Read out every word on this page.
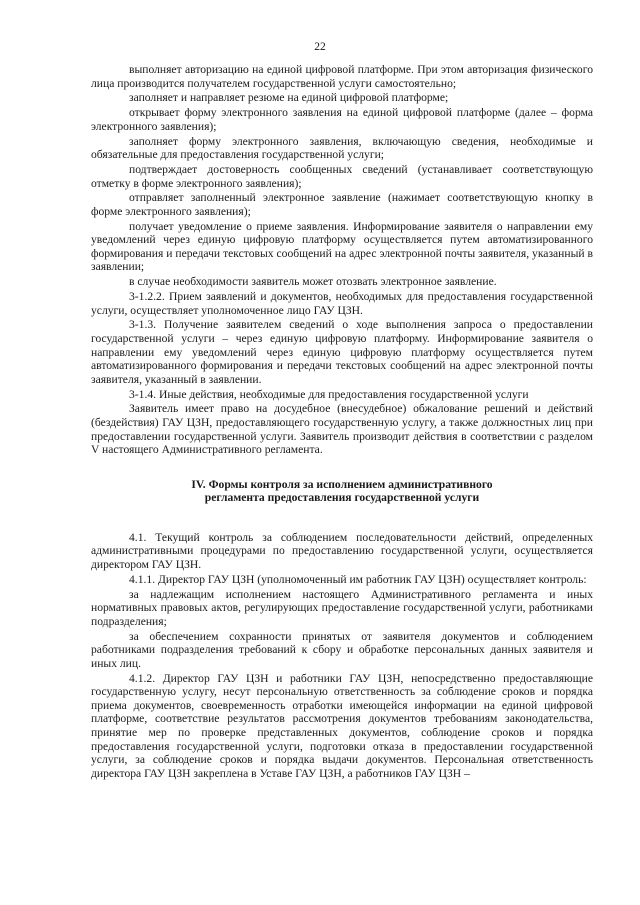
22

выполняет авторизацию на единой цифровой платформе. При этом авторизация физического лица производится получателем государственной услуги самостоятельно;

заполняет и направляет резюме на единой цифровой платформе;

открывает форму электронного заявления на единой цифровой платформе (далее – форма электронного заявления);

заполняет форму электронного заявления, включающую сведения, необходимые и обязательные для предоставления государственной услуги;

подтверждает достоверность сообщенных сведений (устанавливает соответствующую отметку в форме электронного заявления);

отправляет заполненный электронное заявление (нажимает соответствующую кнопку в форме электронного заявления);

получает уведомление о приеме заявления. Информирование заявителя о направлении ему уведомлений через единую цифровую платформу осуществляется путем автоматизированного формирования и передачи текстовых сообщений на адрес электронной почты заявителя, указанный в заявлении;

в случае необходимости заявитель может отозвать электронное заявление.

3-1.2.2. Прием заявлений и документов, необходимых для предоставления государственной услуги, осуществляет уполномоченное лицо ГАУ ЦЗН.

3-1.3. Получение заявителем сведений о ходе выполнения запроса о предоставлении государственной услуги – через единую цифровую платформу. Информирование заявителя о направлении ему уведомлений через единую цифровую платформу осуществляется путем автоматизированного формирования и передачи текстовых сообщений на адрес электронной почты заявителя, указанный в заявлении.

3-1.4. Иные действия, необходимые для предоставления государственной услуги

Заявитель имеет право на досудебное (внесудебное) обжалование решений и действий (бездействия) ГАУ ЦЗН, предоставляющего государственную услугу, а также должностных лиц при предоставлении государственной услуги. Заявитель производит действия в соответствии с разделом V настоящего Административного регламента.

IV. Формы контроля за исполнением административного
регламента предоставления государственной услуги

4.1. Текущий контроль за соблюдением последовательности действий, определенных административными процедурами по предоставлению государственной услуги, осуществляется директором ГАУ ЦЗН.

4.1.1. Директор ГАУ ЦЗН (уполномоченный им работник ГАУ ЦЗН) осуществляет контроль:

за надлежащим исполнением настоящего Административного регламента и иных нормативных правовых актов, регулирующих предоставление государственной услуги, работниками подразделения;

за обеспечением сохранности принятых от заявителя документов и соблюдением работниками подразделения требований к сбору и обработке персональных данных заявителя и иных лиц.

4.1.2. Директор ГАУ ЦЗН и работники ГАУ ЦЗН, непосредственно предоставляющие государственную услугу, несут персональную ответственность за соблюдение сроков и порядка приема документов, своевременность отработки имеющейся информации на единой цифровой платформе, соответствие результатов рассмотрения документов требованиям законодательства, принятие мер по проверке представленных документов, соблюдение сроков и порядка предоставления государственной услуги, подготовки отказа в предоставлении государственной услуги, за соблюдение сроков и порядка выдачи документов. Персональная ответственность директора ГАУ ЦЗН закреплена в Уставе ГАУ ЦЗН, а работников ГАУ ЦЗН –
